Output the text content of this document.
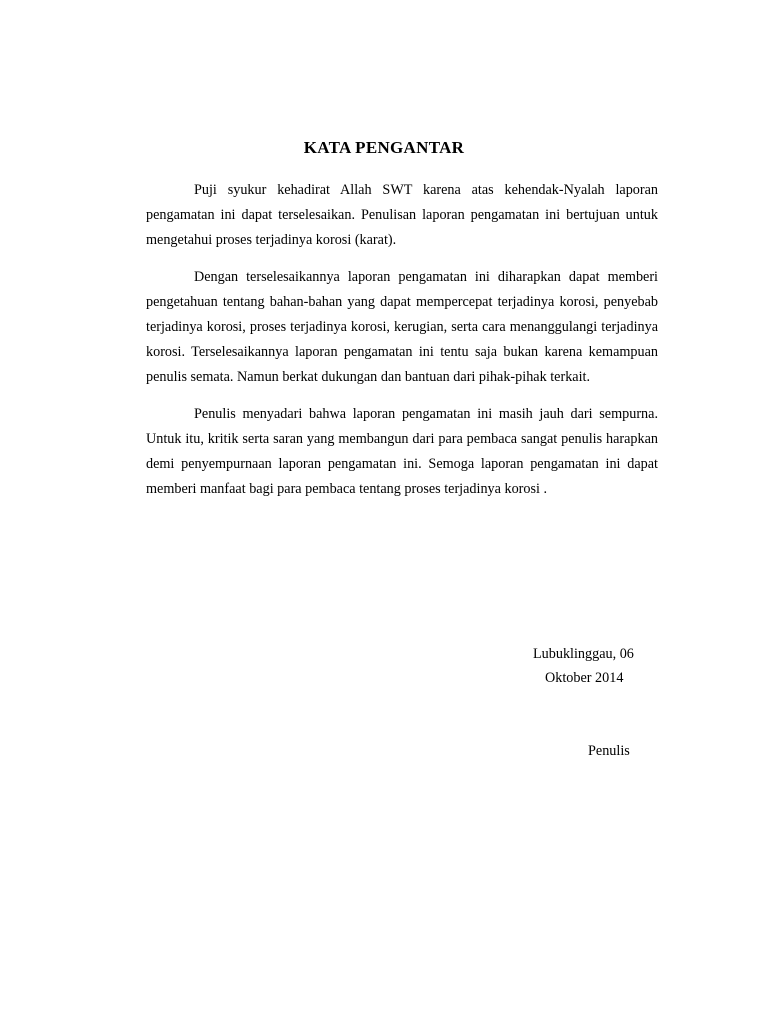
KATA PENGANTAR

Puji syukur kehadirat Allah SWT karena atas kehendak-Nyalah laporan pengamatan ini dapat terselesaikan. Penulisan laporan pengamatan ini bertujuan untuk mengetahui proses terjadinya korosi (karat).

Dengan terselesaikannya laporan pengamatan ini diharapkan dapat memberi pengetahuan tentang bahan-bahan yang dapat mempercepat terjadinya korosi, penyebab terjadinya korosi, proses terjadinya korosi, kerugian, serta cara menanggulangi terjadinya korosi. Terselesaikannya laporan pengamatan ini tentu saja bukan karena kemampuan penulis semata. Namun berkat dukungan dan bantuan dari pihak-pihak terkait.

Penulis menyadari bahwa laporan pengamatan ini masih jauh dari sempurna. Untuk itu, kritik serta saran yang membangun dari para pembaca sangat penulis harapkan demi penyempurnaan laporan pengamatan ini. Semoga laporan pengamatan ini dapat memberi manfaat bagi para pembaca tentang proses terjadinya korosi .

Lubuklinggau, 06
Oktober 2014
Penulis
